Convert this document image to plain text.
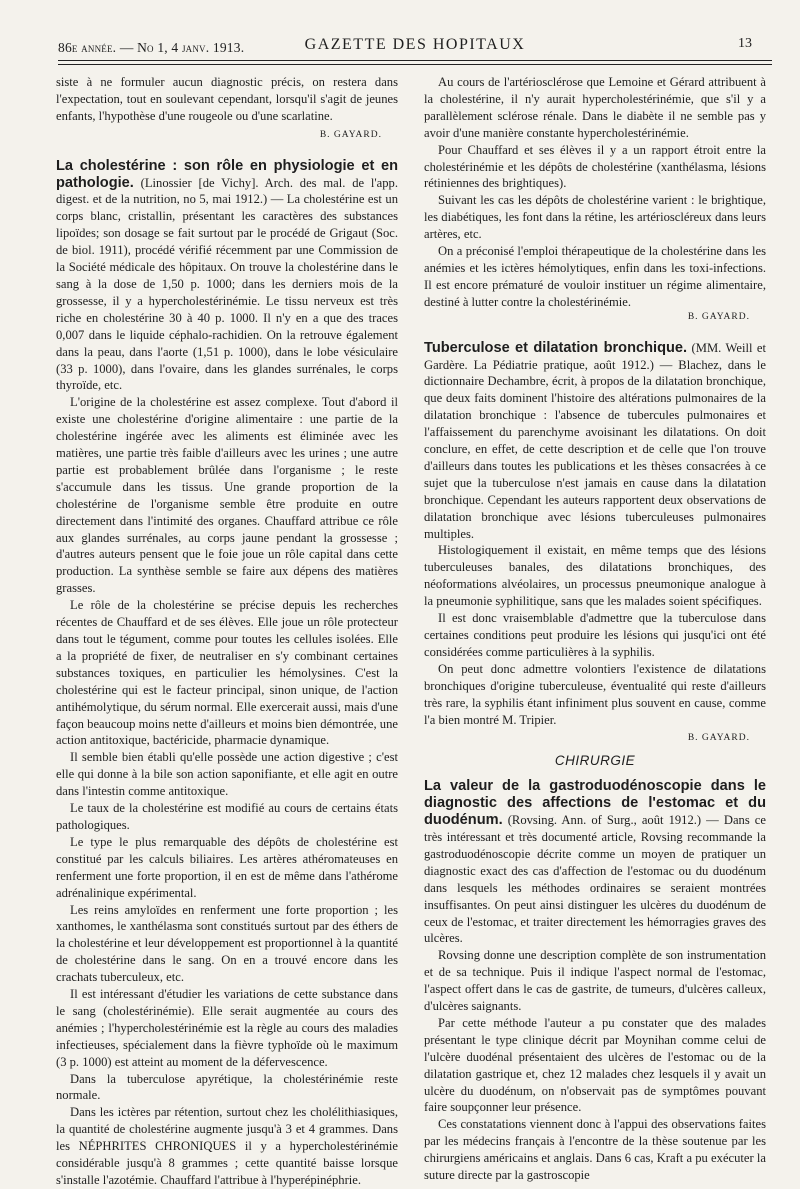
86e année. — No 1, 4 janv. 1913.	GAZETTE DES HOPITAUX	13

siste à ne formuler aucun diagnostic précis, on restera dans l'expectation, tout en soulevant cependant, lorsqu'il s'agit de jeunes enfants, l'hypothèse d'une rougeole ou d'une scarlatine.

B. GAYARD.

La cholestérine : son rôle en physiologie et en pathologie. (Linossier [de Vichy]. Arch. des mal. de l'app. digest. et de la nutrition, no 5, mai 1912.) — La cholestérine est un corps blanc, cristallin, présentant les caractères des substances lipoïdes; son dosage se fait surtout par le procédé de Grigaut (Soc. de biol. 1911), procédé vérifié récemment par une Commission de la Société médicale des hôpitaux. On trouve la cholestérine dans le sang à la dose de 1,50 p. 1000; dans les derniers mois de la grossesse, il y a hypercholestérinémie. Le tissu nerveux est très riche en cholestérine 30 à 40 p. 1000. Il n'y en a que des traces 0,007 dans le liquide céphalo-rachidien. On la retrouve également dans la peau, dans l'aorte (1,51 p. 1000), dans le lobe vésiculaire (33 p. 1000), dans l'ovaire, dans les glandes surrénales, le corps thyroïde, etc.

L'origine de la cholestérine est assez complexe. Tout d'abord il existe une cholestérine d'origine alimentaire : une partie de la cholestérine ingérée avec les aliments est éliminée avec les matières, une partie très faible d'ailleurs avec les urines ; une autre partie est probablement brûlée dans l'organisme ; le reste s'accumule dans les tissus. Une grande proportion de la cholestérine de l'organisme semble être produite en outre directement dans l'intimité des organes. Chauffard attribue ce rôle aux glandes surrénales, au corps jaune pendant la grossesse ; d'autres auteurs pensent que le foie joue un rôle capital dans cette production. La synthèse semble se faire aux dépens des matières grasses.

Le rôle de la cholestérine se précise depuis les recherches récentes de Chauffard et de ses élèves. Elle joue un rôle protecteur dans tout le tégument, comme pour toutes les cellules isolées. Elle a la propriété de fixer, de neutraliser en s'y combinant certaines substances toxiques, en particulier les hémolysines. C'est la cholestérine qui est le facteur principal, sinon unique, de l'action antihémolytique, du sérum normal. Elle exercerait aussi, mais d'une façon beaucoup moins nette d'ailleurs et moins bien démontrée, une action antitoxique, bactéricide, pharmacie dynamique.

Il semble bien établi qu'elle possède une action digestive ; c'est elle qui donne à la bile son action saponifiante, et elle agit en outre dans l'intestin comme antitoxique.

Le taux de la cholestérine est modifié au cours de certains états pathologiques.

Le type le plus remarquable des dépôts de cholestérine est constitué par les calculs biliaires. Les artères athéromateuses en renferment une forte proportion, il en est de même dans l'athérome adrénalinique expérimental.

Les reins amyloïdes en renferment une forte proportion ; les xanthomes, le xanthélasma sont constitués surtout par des éthers de la cholestérine et leur développement est proportionnel à la quantité de cholestérine dans le sang. On en a trouvé encore dans les crachats tuberculeux, etc.

Il est intéressant d'étudier les variations de cette substance dans le sang (cholestérinémie). Elle serait augmentée au cours des anémies ; l'hypercholestérinémie est la règle au cours des maladies infectieuses, spécialement dans la fièvre typhoïde où le maximum (3 p. 1000) est atteint au moment de la défervescence.

Dans la tuberculose apyrétique, la cholestérinémie reste normale.

Dans les ictères par rétention, surtout chez les cholélithiasiques, la quantité de cholestérine augmente jusqu'à 3 et 4 grammes. Dans les NÉPHRITES CHRONIQUES il y a hypercholestérinémie considérable jusqu'à 8 grammes ; cette quantité baisse lorsque s'installe l'azotémie. Chauffard l'attribue à l'hyperépinéphrie.

Au cours de l'artériosclérose que Lemoine et Gérard attribuent à la cholestérine, il n'y aurait hypercholestérinémie, que s'il y a parallèlement sclérose rénale. Dans le diabète il ne semble pas y avoir d'une manière constante hypercholestérinémie.

Pour Chauffard et ses élèves il y a un rapport étroit entre la cholestérinémie et les dépôts de cholestérine (xanthélasma, lésions rétiniennes des brightiques).

Suivant les cas les dépôts de cholestérine varient : le brightique, les diabétiques, les font dans la rétine, les artérioscléreux dans leurs artères, etc.

On a préconisé l'emploi thérapeutique de la cholestérine dans les anémies et les ictères hémolytiques, enfin dans les toxi-infections. Il est encore prématuré de vouloir instituer un régime alimentaire, destiné à lutter contre la cholestérinémie.

B. GAYARD.

Tuberculose et dilatation bronchique. (MM. Weill et Gardère. La Pédiatrie pratique, août 1912.) — Blachez, dans le dictionnaire Dechambre, écrit, à propos de la dilatation bronchique, que deux faits dominent l'histoire des altérations pulmonaires de la dilatation bronchique : l'absence de tubercules pulmonaires et l'affaissement du parenchyme avoisinant les dilatations. On doit conclure, en effet, de cette description et de celle que l'on trouve d'ailleurs dans toutes les publications et les thèses consacrées à ce sujet que la tuberculose n'est jamais en cause dans la dilatation bronchique. Cependant les auteurs rapportent deux observations de dilatation bronchique avec lésions tuberculeuses pulmonaires multiples.

Histologiquement il existait, en même temps que des lésions tuberculeuses banales, des dilatations bronchiques, des néoformations alvéolaires, un processus pneumonique analogue à la pneumonie syphilitique, sans que les malades soient spécifiques.

Il est donc vraisemblable d'admettre que la tuberculose dans certaines conditions peut produire les lésions qui jusqu'ici ont été considérées comme particulières à la syphilis.

On peut donc admettre volontiers l'existence de dilatations bronchiques d'origine tuberculeuse, éventualité qui reste d'ailleurs très rare, la syphilis étant infiniment plus souvent en cause, comme l'a bien montré M. Tripier.

B. GAYARD.
CHIRURGIE

La valeur de la gastroduodénoscopie dans le diagnostic des affections de l'estomac et du duodénum. (Rovsing. Ann. of Surg., août 1912.) — Dans ce très intéressant et très documenté article, Rovsing recommande la gastroduodénoscopie décrite comme un moyen de pratiquer un diagnostic exact des cas d'affection de l'estomac ou du duodénum dans lesquels les méthodes ordinaires se seraient montrées insuffisantes. On peut ainsi distinguer les ulcères du duodénum de ceux de l'estomac, et traiter directement les hémorragies graves des ulcères.

Rovsing donne une description complète de son instrumentation et de sa technique. Puis il indique l'aspect normal de l'estomac, l'aspect offert dans le cas de gastrite, de tumeurs, d'ulcères calleux, d'ulcères saignants.

Par cette méthode l'auteur a pu constater que des malades présentant le type clinique décrit par Moynihan comme celui de l'ulcère duodénal présentaient des ulcères de l'estomac ou de la dilatation gastrique et, chez 12 malades chez lesquels il y avait un ulcère du duodénum, on n'observait pas de symptômes pouvant faire soupçonner leur présence.

Ces constatations viennent donc à l'appui des observations faites par les médecins français à l'encontre de la thèse soutenue par les chirurgiens américains et anglais. Dans 6 cas, Kraft a pu exécuter la suture directe par la gastroscopie
